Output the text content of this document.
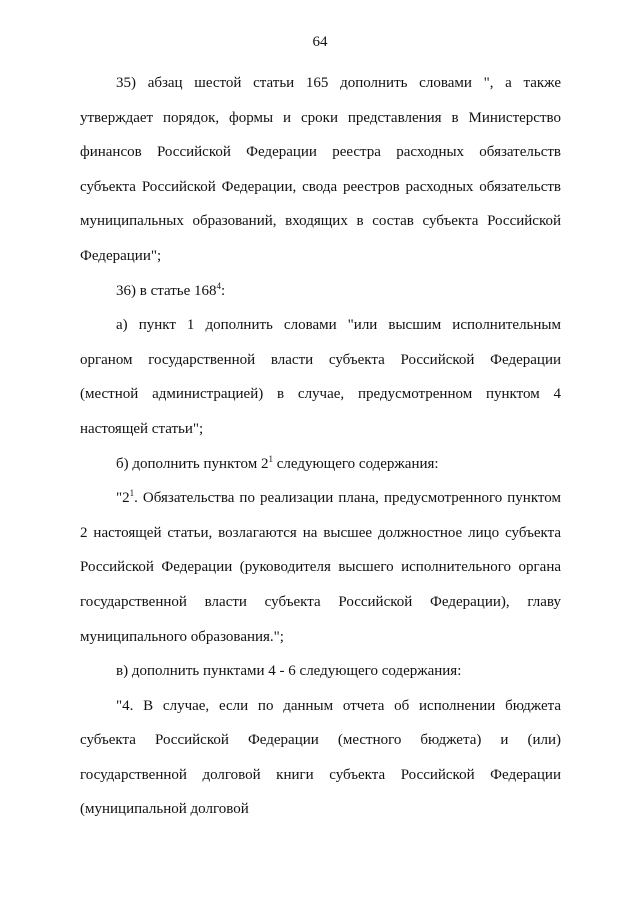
64

35) абзац шестой статьи 165 дополнить словами ", а также утверждает порядок, формы и сроки представления в Министерство финансов Российской Федерации реестра расходных обязательств субъекта Российской Федерации, свода реестров расходных обязательств муниципальных образований, входящих в состав субъекта Российской Федерации";

36) в статье $168^4$:

а) пункт 1 дополнить словами "или высшим исполнительным органом государственной власти субъекта Российской Федерации (местной администрацией) в случае, предусмотренном пунктом 4 настоящей статьи";

б) дополнить пунктом $2^1$ следующего содержания:

"$2^1$. Обязательства по реализации плана, предусмотренного пунктом 2 настоящей статьи, возлагаются на высшее должностное лицо субъекта Российской Федерации (руководителя высшего исполнительного органа государственной власти субъекта Российской Федерации), главу муниципального образования.";

в) дополнить пунктами 4 - 6 следующего содержания:

"4. В случае, если по данным отчета об исполнении бюджета субъекта Российской Федерации (местного бюджета) и (или) государственной долговой книги субъекта Российской Федерации (муниципальной долговой
